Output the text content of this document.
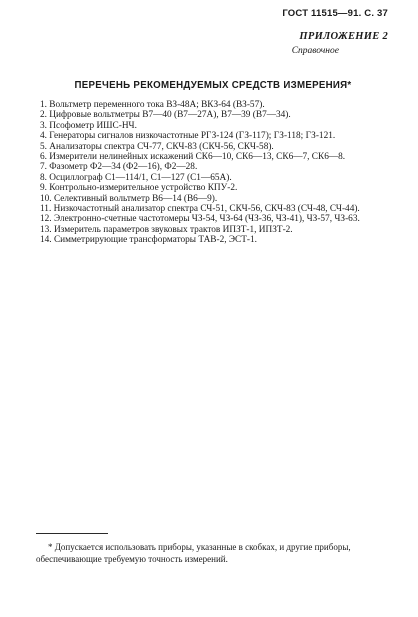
ГОСТ 11515—91. С. 37
ПРИЛОЖЕНИЕ 2
Справочное
ПЕРЕЧЕНЬ РЕКОМЕНДУЕМЫХ СРЕДСТВ ИЗМЕРЕНИЯ*
1. Вольтметр переменного тока ВЗ-48А; ВКЗ-64 (ВЗ-57).
2. Цифровые вольтметры В7—40 (В7—27А), В7—39 (В7—34).
3. Псофометр ИШС-НЧ.
4. Генераторы сигналов низкочастотные РГЗ-124 (ГЗ-117); ГЗ-118; ГЗ-121.
5. Анализаторы спектра СЧ-77, СКЧ-83 (СКЧ-56, СКЧ-58).
6. Измерители нелинейных искажений СК6—10, СК6—13, СК6—7, СК6—8.
7. Фазометр Ф2—34 (Ф2—16), Ф2—28.
8. Осциллограф С1—114/1, С1—127 (С1—65А).
9. Контрольно-измерительное устройство КПУ-2.
10. Селективный вольтметр В6—14 (В6—9).
11. Низкочастотный анализатор спектра СЧ-51, СКЧ-56, СКЧ-83 (СЧ-48, СЧ-44).
12. Электронно-счетные частотомеры ЧЗ-54, ЧЗ-64 (ЧЗ-36, ЧЗ-41), ЧЗ-57, ЧЗ-63.
13. Измеритель параметров звуковых трактов ИПЗТ-1, ИПЗТ-2.
14. Симметрирующие трансформаторы ТАВ-2, ЭСТ-1.
* Допускается использовать приборы, указанные в скобках, и другие приборы, обеспечивающие требуемую точность измерений.
